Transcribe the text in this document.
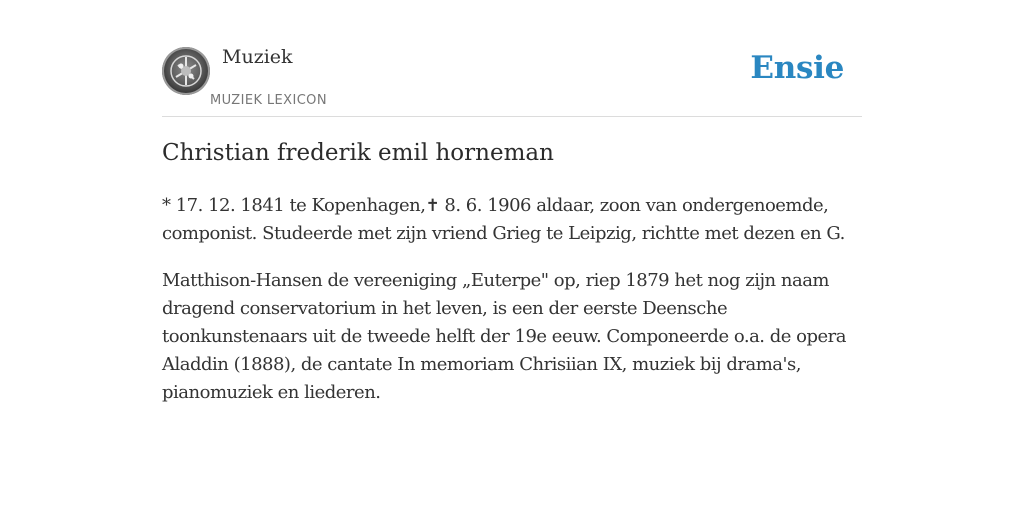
Muziek
MUZIEK LEXICON
Ensie
Christian frederik emil horneman

* 17. 12. 1841 te Kopenhagen,✝ 8. 6. 1906 aldaar, zoon van ondergenoemde, componist. Studeerde met zijn vriend Grieg te Leipzig, richtte met dezen en G.

Matthison-Hansen de vereeniging „Euterpe" op, riep 1879 het nog zijn naam dragend conservatorium in het leven, is een der eerste Deensche toonkunstenaars uit de tweede helft der 19e eeuw. Componeerde o.a. de opera Aladdin (1888), de cantate In memoriam Chrisiian IX, muziek bij drama's, pianomuziek en liederen.
